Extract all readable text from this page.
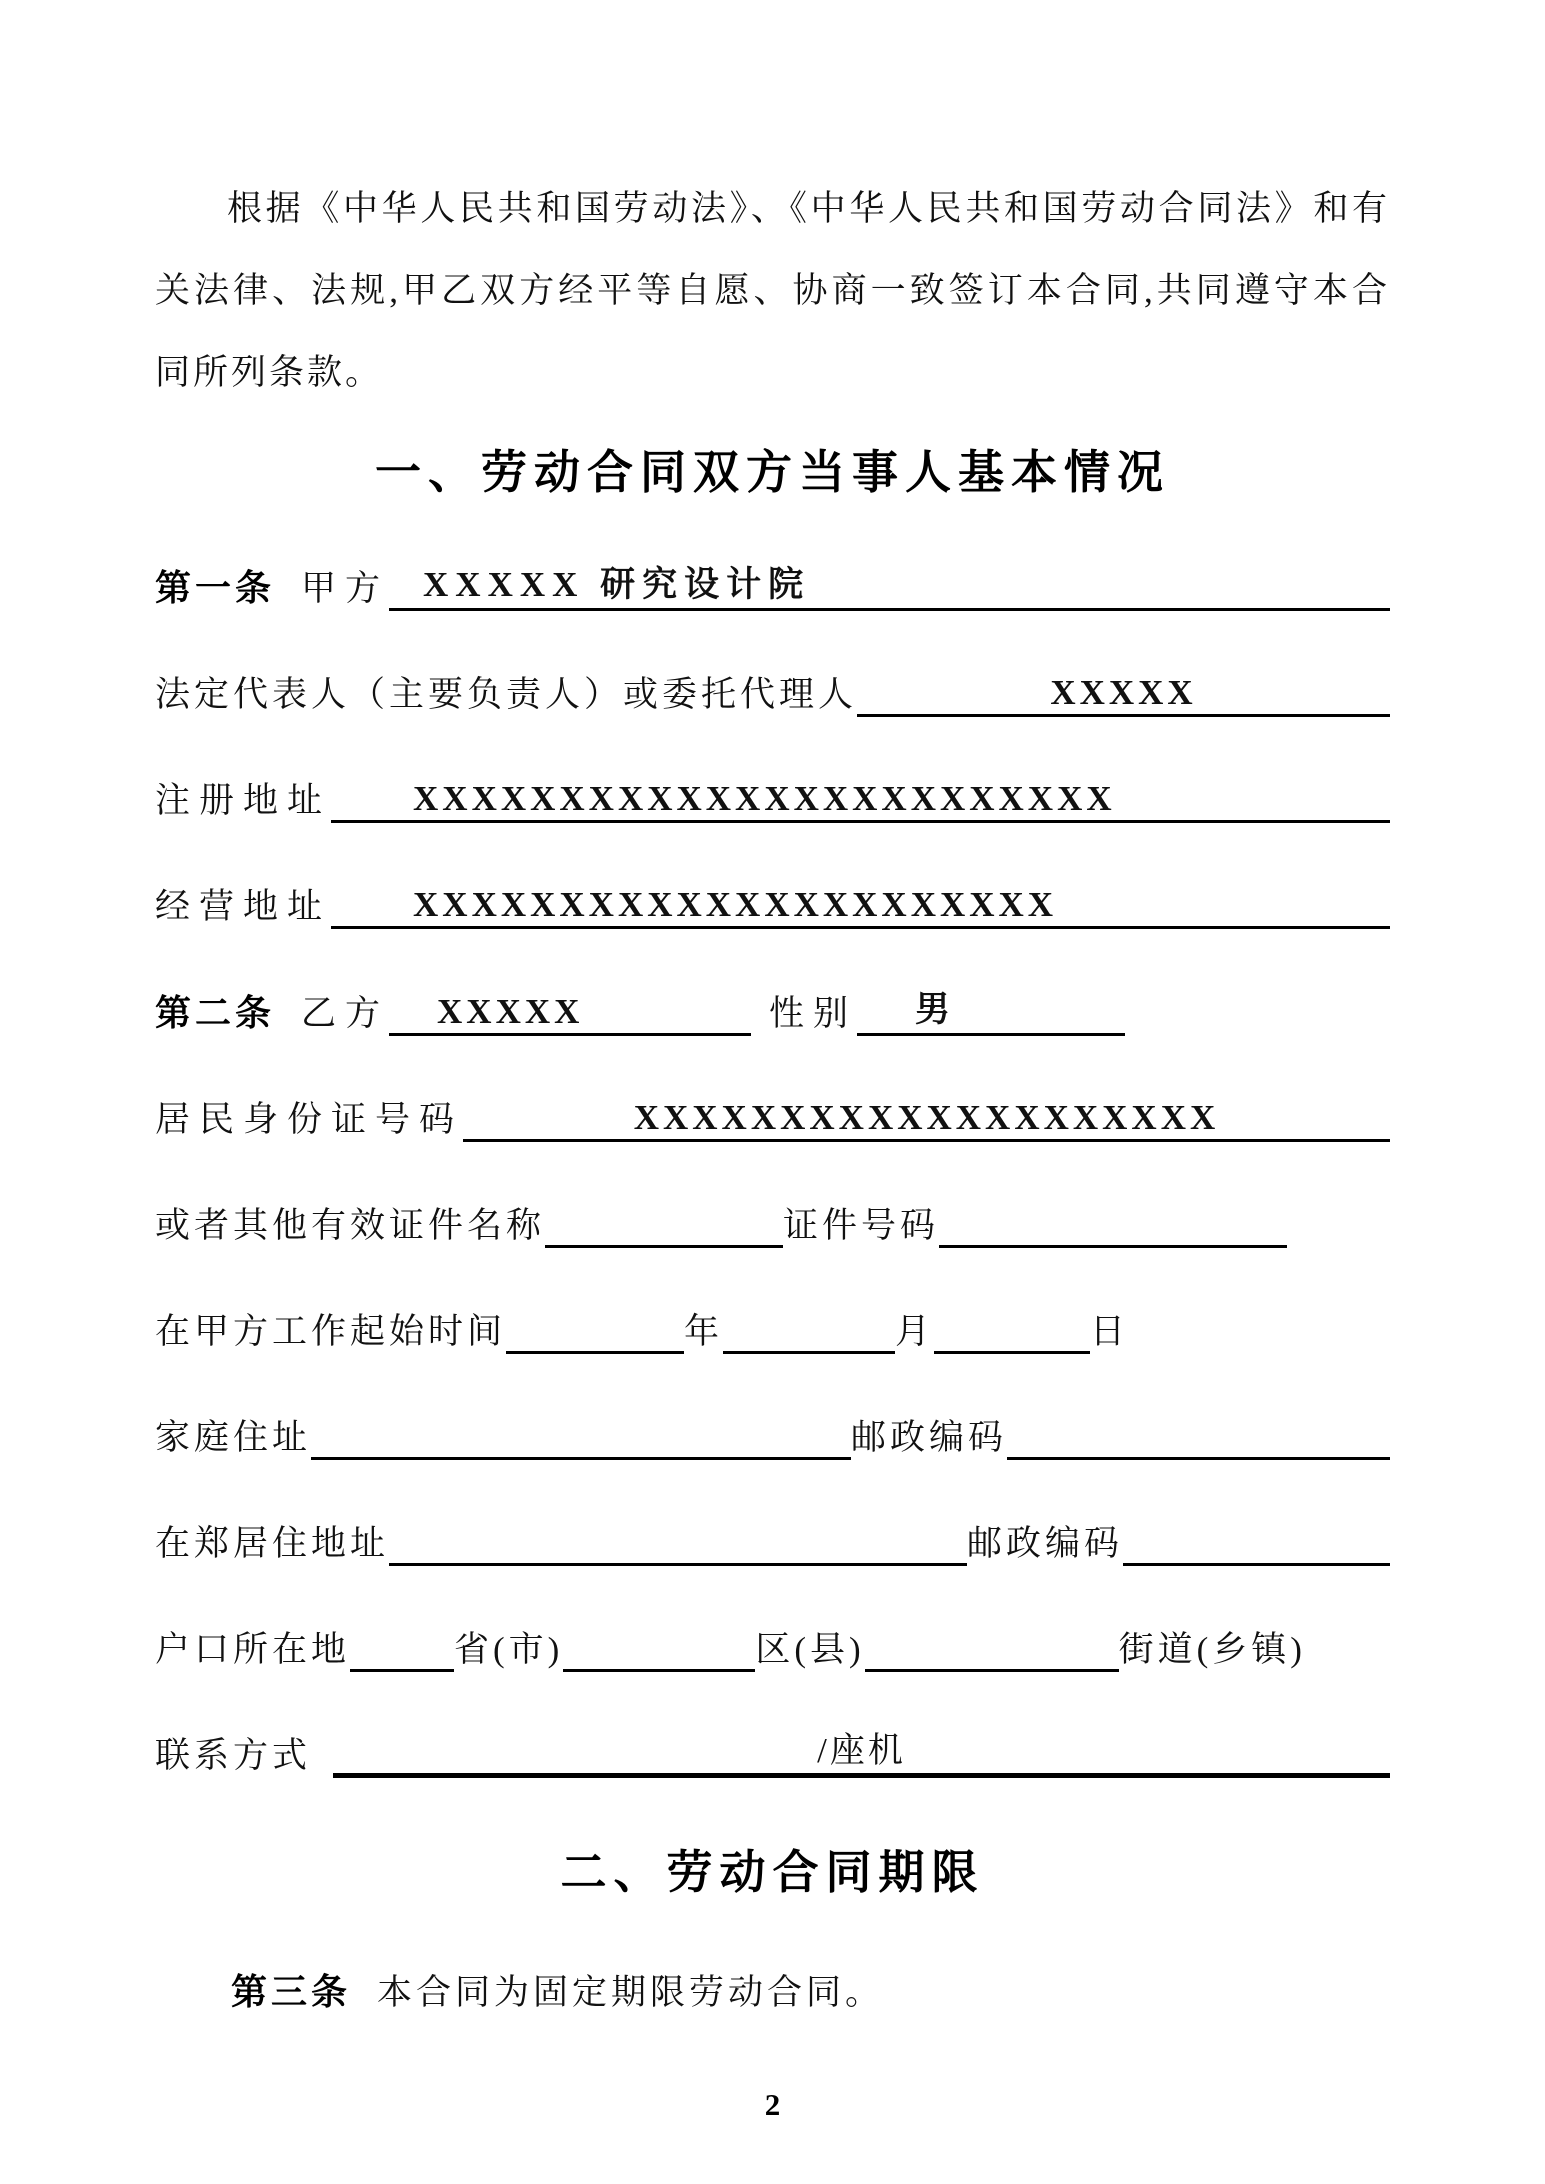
根据《中华人民共和国劳动法》、《中华人民共和国劳动合同法》和有关法律、法规,甲乙双方经平等自愿、协商一致签订本合同,共同遵守本合同所列条款。

一、劳动合同双方当事人基本情况
第一条 甲方 XXXXX 研究设计院
法定代表人（主要负责人）或委托代理人	XXXXX
注册地址 XXXXXXXXXXXXXXXXXXXXXXXX
经营地址 XXXXXXXXXXXXXXXXXXXXXX
第二条 乙方 XXXXX	性别 男
居民身份证号码	XXXXXXXXXXXXXXXXXXXX
或者其他有效证件名称	证件号码
在甲方工作起始时间	年	月	日
家庭住址	邮政编码
在郑居住地址	邮政编码
户口所在地	省(市)	区(县)	街道(乡镇)
联系方式	/座机
二、劳动合同期限
第三条 本合同为固定期限劳动合同。
2
